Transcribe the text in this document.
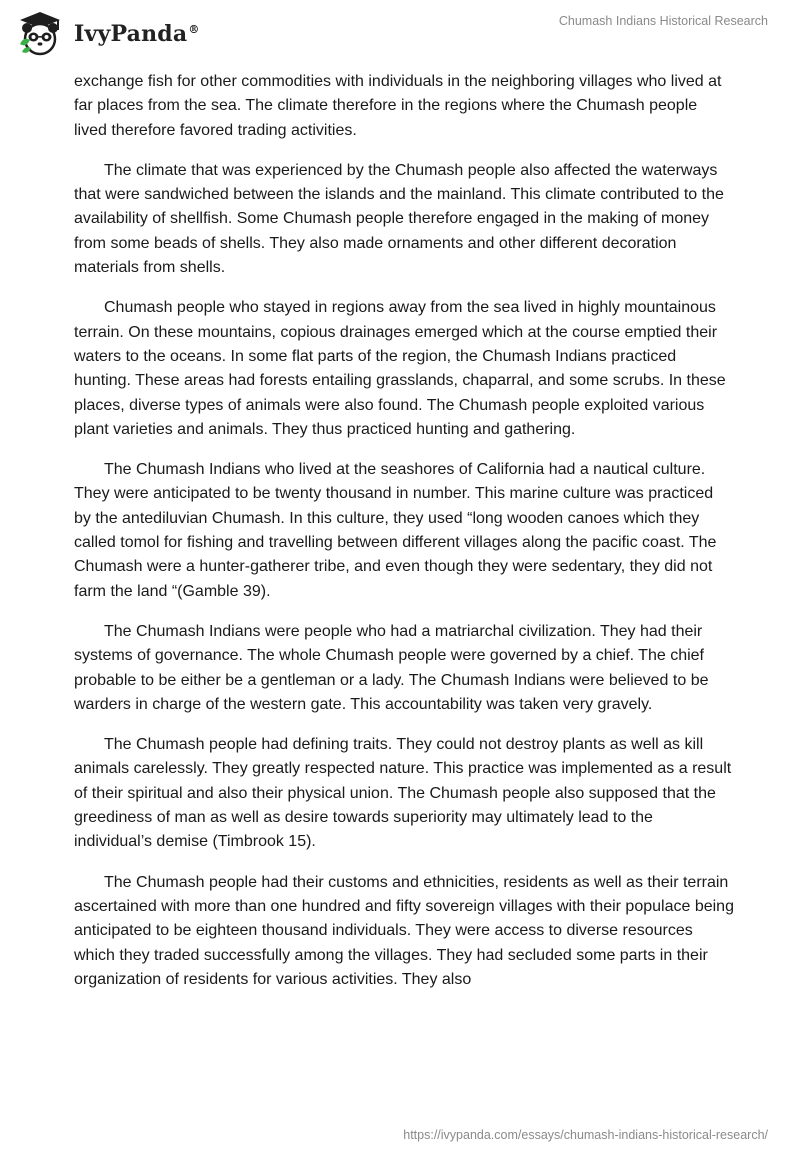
IvyPanda®
Chumash Indians Historical Research

exchange fish for other commodities with individuals in the neighboring villages who lived at far places from the sea. The climate therefore in the regions where the Chumash people lived therefore favored trading activities.

The climate that was experienced by the Chumash people also affected the waterways that were sandwiched between the islands and the mainland. This climate contributed to the availability of shellfish. Some Chumash people therefore engaged in the making of money from some beads of shells. They also made ornaments and other different decoration materials from shells.

Chumash people who stayed in regions away from the sea lived in highly mountainous terrain. On these mountains, copious drainages emerged which at the course emptied their waters to the oceans. In some flat parts of the region, the Chumash Indians practiced hunting. These areas had forests entailing grasslands, chaparral, and some scrubs. In these places, diverse types of animals were also found. The Chumash people exploited various plant varieties and animals. They thus practiced hunting and gathering.

The Chumash Indians who lived at the seashores of California had a nautical culture. They were anticipated to be twenty thousand in number. This marine culture was practiced by the antediluvian Chumash. In this culture, they used “long wooden canoes which they called tomol for fishing and travelling between different villages along the pacific coast. The Chumash were a hunter-gatherer tribe, and even though they were sedentary, they did not farm the land “(Gamble 39).

The Chumash Indians were people who had a matriarchal civilization. They had their systems of governance. The whole Chumash people were governed by a chief. The chief probable to be either be a gentleman or a lady. The Chumash Indians were believed to be warders in charge of the western gate. This accountability was taken very gravely.

The Chumash people had defining traits. They could not destroy plants as well as kill animals carelessly. They greatly respected nature. This practice was implemented as a result of their spiritual and also their physical union. The Chumash people also supposed that the greediness of man as well as desire towards superiority may ultimately lead to the individual’s demise (Timbrook 15).

The Chumash people had their customs and ethnicities, residents as well as their terrain ascertained with more than one hundred and fifty sovereign villages with their populace being anticipated to be eighteen thousand individuals. They were access to diverse resources which they traded successfully among the villages. They had secluded some parts in their organization of residents for various activities. They also

https://ivypanda.com/essays/chumash-indians-historical-research/
